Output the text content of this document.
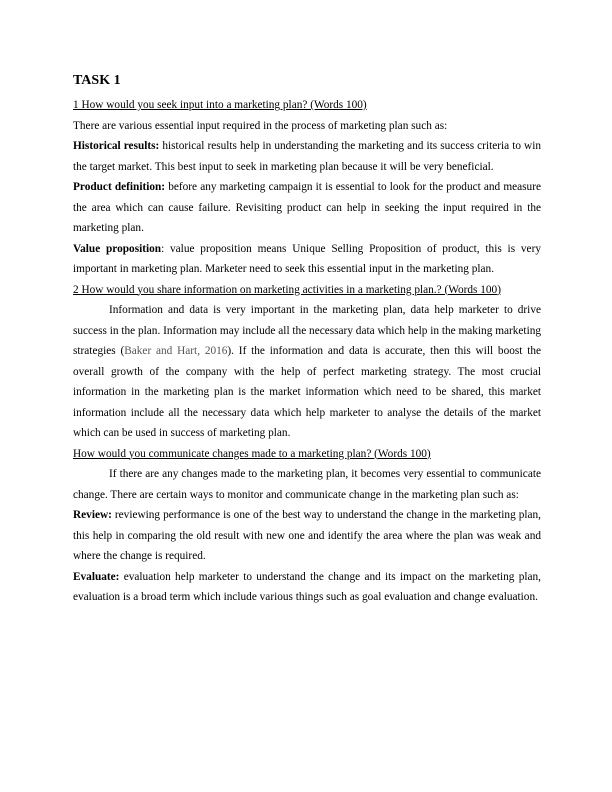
TASK 1

1 How would you seek input into a marketing plan? (Words 100)

There are various essential input required in the process of marketing plan such as:

Historical results: historical results help in understanding the marketing and its success criteria to win the target market. This best input to seek in marketing plan because it will be very beneficial.

Product definition: before any marketing campaign it is essential to look for the product and measure the area which can cause failure. Revisiting product can help in seeking the input required in the marketing plan.

Value proposition: value proposition means Unique Selling Proposition of product, this is very important in marketing plan. Marketer need to seek this essential input in the marketing plan.

2 How would you share information on marketing activities in a marketing plan.? (Words 100)

Information and data is very important in the marketing plan, data help marketer to drive success in the plan. Information may include all the necessary data which help in the making marketing strategies (Baker and Hart, 2016). If the information and data is accurate, then this will boost the overall growth of the company with the help of perfect marketing strategy. The most crucial information in the marketing plan is the market information which need to be shared, this market information include all the necessary data which help marketer to analyse the details of the market which can be used in success of marketing plan.

How would you communicate changes made to a marketing plan? (Words 100)

If there are any changes made to the marketing plan, it becomes very essential to communicate change. There are certain ways to monitor and communicate change in the marketing plan such as:

Review: reviewing performance is one of the best way to understand the change in the marketing plan, this help in comparing the old result with new one and identify the area where the plan was weak and where the change is required.

Evaluate: evaluation help marketer to understand the change and its impact on the marketing plan, evaluation is a broad term which include various things such as goal evaluation and change evaluation.
